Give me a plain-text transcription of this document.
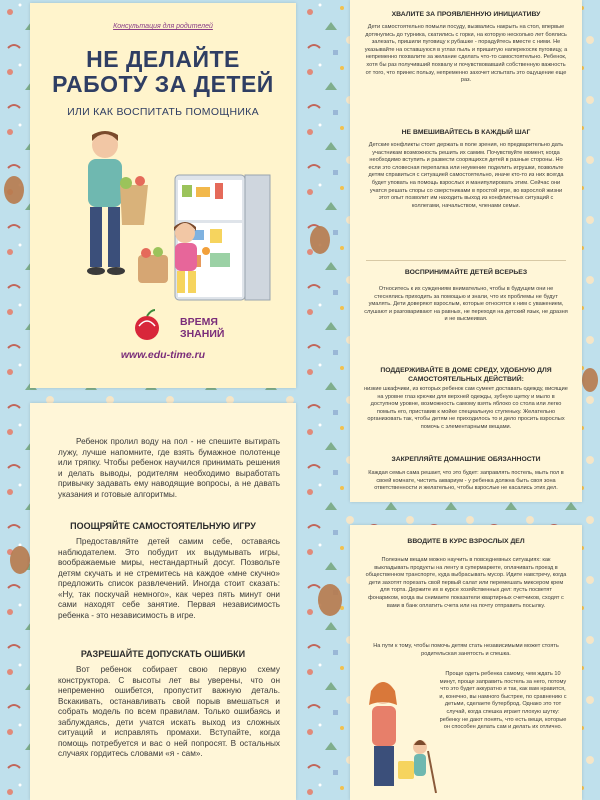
Консультация для родителей
НЕ ДЕЛАЙТЕ
РАБОТУ ЗА ДЕТЕЙ
ИЛИ КАК ВОСПИТАТЬ ПОМОЩНИКА
ВРЕМЯ
ЗНАНИЙ
www.edu-time.ru
Ребенок пролил воду на пол - не спешите вытирать лужу, лучше напомните, где взять бумажное полотенце или тряпку. Чтобы ребенок научился принимать решения и делать выводы, родителям необходимо выработать привычку задавать ему наводящие вопросы, а не давать указания и готовые алгоритмы.
ПООЩРЯЙТЕ САМОСТОЯТЕЛЬНУЮ ИГРУ
Предоставляйте детей самим себе, оставаясь наблюдателем. Это побудит их выдумывать игры, воображаемые миры, нестандартный досуг. Позвольте детям скучать и не стремитесь на каждое «мне скучно» предложить список развлечений. Иногда стоит сказать: «Ну, так поскучай немного», как через пять минут они сами находят себе занятие. Первая независимость ребенка - это независимость в игре.
РАЗРЕШАЙТЕ ДОПУСКАТЬ ОШИБКИ
Вот ребенок собирает свою первую схему конструктора. С высоты лет вы уверены, что он непременно ошибется, пропустит важную деталь. Вскакивать, останавливать свой порыв вмешаться и собрать модель по всем правилам. Только ошибаясь и заблуждаясь, дети учатся искать выход из сложных ситуаций и исправлять промахи. Вступайте, когда помощь потребуется и вас о ней попросят. В остальных случаях гордитесь словами «я - сам».
ХВАЛИТЕ ЗА ПРОЯВЛЕННУЮ ИНИЦИАТИВУ
Дети самостоятельно помыли посуду, вызвались накрыть на стол, впервые дотянулись до турника, скатились с горки, на которую несколько лет боялись залезать, пришили пуговицу к рубашке - порадуйтесь вместе с ними. Не указывайте на оставшуюся в углах пыль и пришитую наперекосяк пуговицу, а непременно похвалите за желание сделать что-то самостоятельно. Ребенок, хотя бы раз получивший похвалу и почувствовавший собственную важность от того, что принес пользу, непременно захочет испытать это ощущение еще раз.
НЕ ВМЕШИВАЙТЕСЬ В КАЖДЫЙ ШАГ
Детские конфликты стоит держать в поле зрения, но предварительно дать участникам возможность решить их самим. Почувствуйте момент, когда необходимо вступить и развести соорящихся детей в разные стороны. Но если это словесная перепалка или неумение поделить игрушки, позвольте детям справиться с ситуацией самостоятельно, иначе кто-то из них всегда будет уповать на помощь взрослых и манипулировать этим. Сейчас они учатся решать споры со сверстниками в простой игре, во взрослой жизни этот опыт позволит им находить выход из конфликтных ситуаций с коллегами, начальством, членами семьи.
ВОСПРИНИМАЙТЕ ДЕТЕЙ ВСЕРЬЕЗ
Относитесь к их суждениям внимательно, чтобы в будущем они не стеснялись приходить за помощью и знали, что их проблемы не будут умалять. Дети доверяют взрослым, которые относятся к ним с уважением, слушают и разговаривают на равных, не переходя на детский язык, не дразня и не высмеивая.
ПОДДЕРЖИВАЙТЕ В ДОМЕ СРЕДУ, УДОБНУЮ ДЛЯ САМОСТОЯТЕЛЬНЫХ ДЕЙСТВИЙ:
низкие шкафчики, из которых ребенок сам сумеет доставать одежду, висящие на уровне глаз крючки для верхней одежды, зубную щетку и мыло в доступном уровне, возможность самому взять яблоко со стола или легко помыть его, приставив к мойке специальную ступеньку. Желательно организовать так, чтобы детям не приходилось то и дело просить взрослых помочь с элементарными вещами.
ЗАКРЕПЛЯЙТЕ ДОМАШНИЕ ОБЯЗАННОСТИ
Каждая семья сама решает, что это будет: заправлять постель, мыть пол в своей комнате, чистить аквариум - у ребенка должна быть своя зона ответственности и желательно, чтобы взрослые не касались этих дел.
ВВОДИТЕ В КУРС ВЗРОСЛЫХ ДЕЛ
Полезным вещам можно научить в повседневных ситуациях: как выкладывать продукты на ленту в супермаркете, оплачивать проезд в общественном транспорте, куда выбрасывать мусор. Идите навстречу, когда дети захотят порезать свой первый салат или перемешать миксером крем для торта. Держите их в курсе хозяйственных дел: пусть посветят фонариком, когда вы снимаете показатели квартирных счетчиков, сходят с вами в банк оплатить счета или на почту отправить посылку.
На пути к тому, чтобы помочь детям стать независимыми может стоять родительская занятость и спешка.
Проще одеть ребенка самому, чем ждать 10 минут, проще заправить постель за него, потому что это будет аккуратно и так, как вам нравится, и, конечно, вы намного быстрее, по сравнению с детьми, сделаете бутерброд. Однако это тот случай, когда спешка играет плохую шутку: ребенку не дают понять, что есть вещи, которые он способен делать сам и делать их отлично.
